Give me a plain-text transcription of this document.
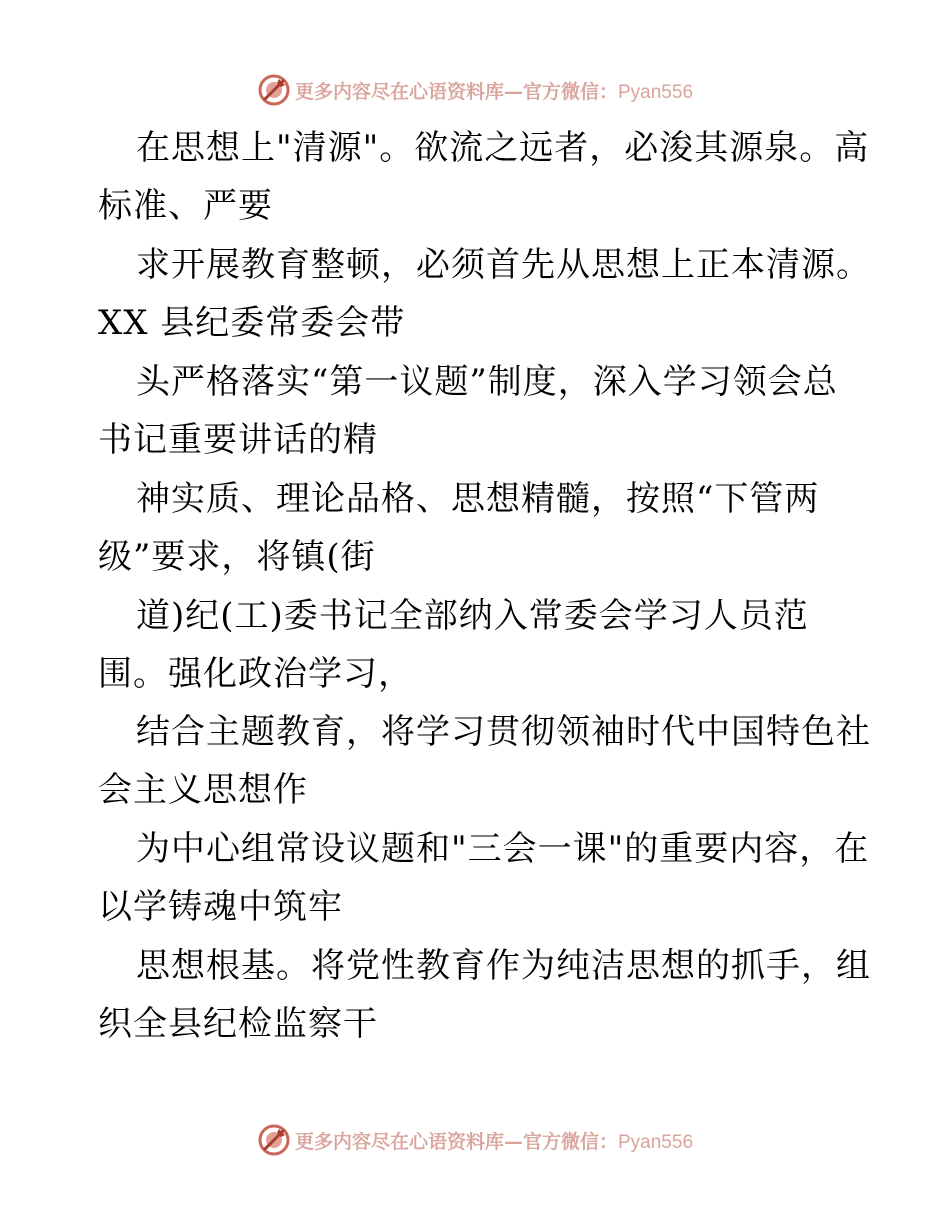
更多内容尽在心语资料库—官方微信：Pyan556
在思想上"清源"。欲流之远者，必浚其源泉。高
标准、严要
求开展教育整顿，必须首先从思想上正本清源。
XX 县纪委常委会带
头严格落实“第一议题”制度，深入学习领会总
书记重要讲话的精
神实质、理论品格、思想精髓，按照“下管两
级”要求，将镇(街
道)纪(工)委书记全部纳入常委会学习人员范
围。强化政治学习，
结合主题教育，将学习贯彻领袖时代中国特色社
会主义思想作
为中心组常设议题和"三会一课"的重要内容，在
以学铸魂中筑牢
思想根基。将党性教育作为纯洁思想的抓手，组
织全县纪检监察干
更多内容尽在心语资料库—官方微信：Pyan556
